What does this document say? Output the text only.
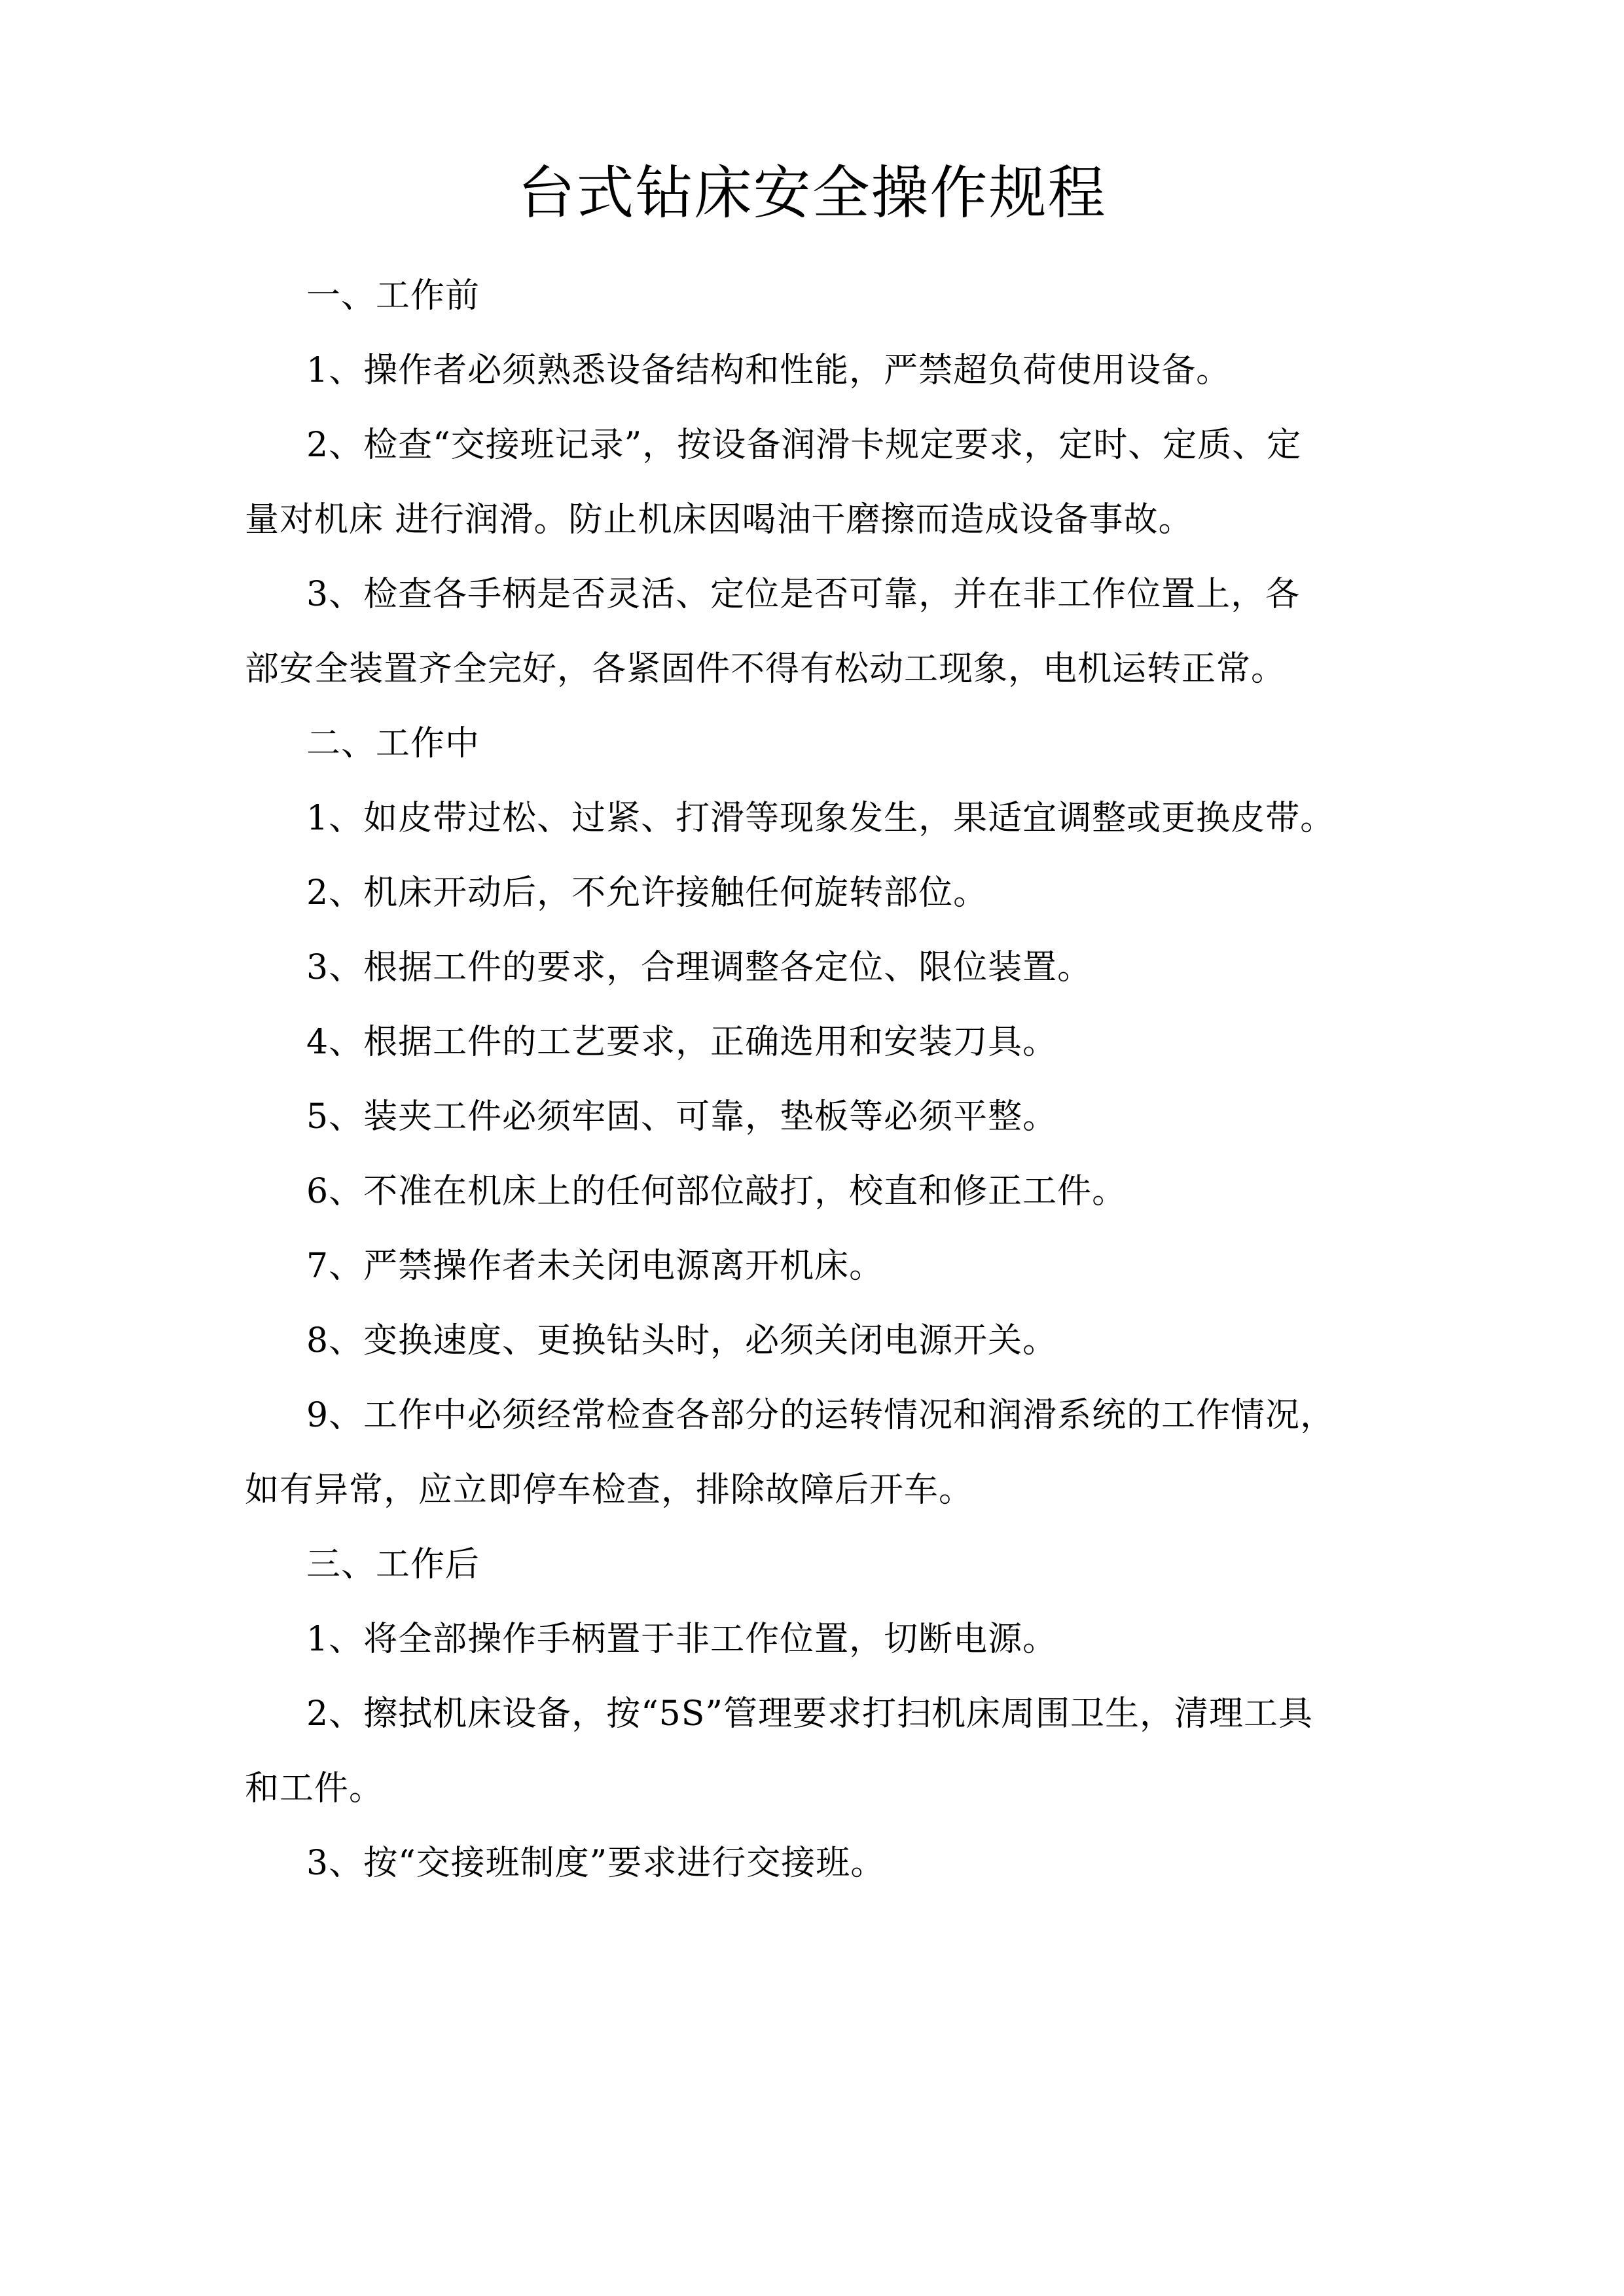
台式钻床安全操作规程
一、工作前
1、操作者必须熟悉设备结构和性能，严禁超负荷使用设备。
2、检查“交接班记录”，按设备润滑卡规定要求，定时、定质、定
量对机床 进行润滑。防止机床因喝油干磨擦而造成设备事故。
3、检查各手柄是否灵活、定位是否可靠，并在非工作位置上，各
部安全装置齐全完好，各紧固件不得有松动工现象，电机运转正常。
二、工作中
1、如皮带过松、过紧、打滑等现象发生，果适宜调整或更换皮带。
2、机床开动后，不允许接触任何旋转部位。
3、根据工件的要求，合理调整各定位、限位装置。
4、根据工件的工艺要求，正确选用和安装刀具。
5、装夹工件必须牢固、可靠，垫板等必须平整。
6、不准在机床上的任何部位敲打，校直和修正工件。
7、严禁操作者未关闭电源离开机床。
8、变换速度、更换钻头时，必须关闭电源开关。
9、工作中必须经常检查各部分的运转情况和润滑系统的工作情况，
如有异常，应立即停车检查，排除故障后开车。
三、工作后
1、将全部操作手柄置于非工作位置，切断电源。
2、擦拭机床设备，按“5S”管理要求打扫机床周围卫生，清理工具
和工件。
3、按“交接班制度”要求进行交接班。
